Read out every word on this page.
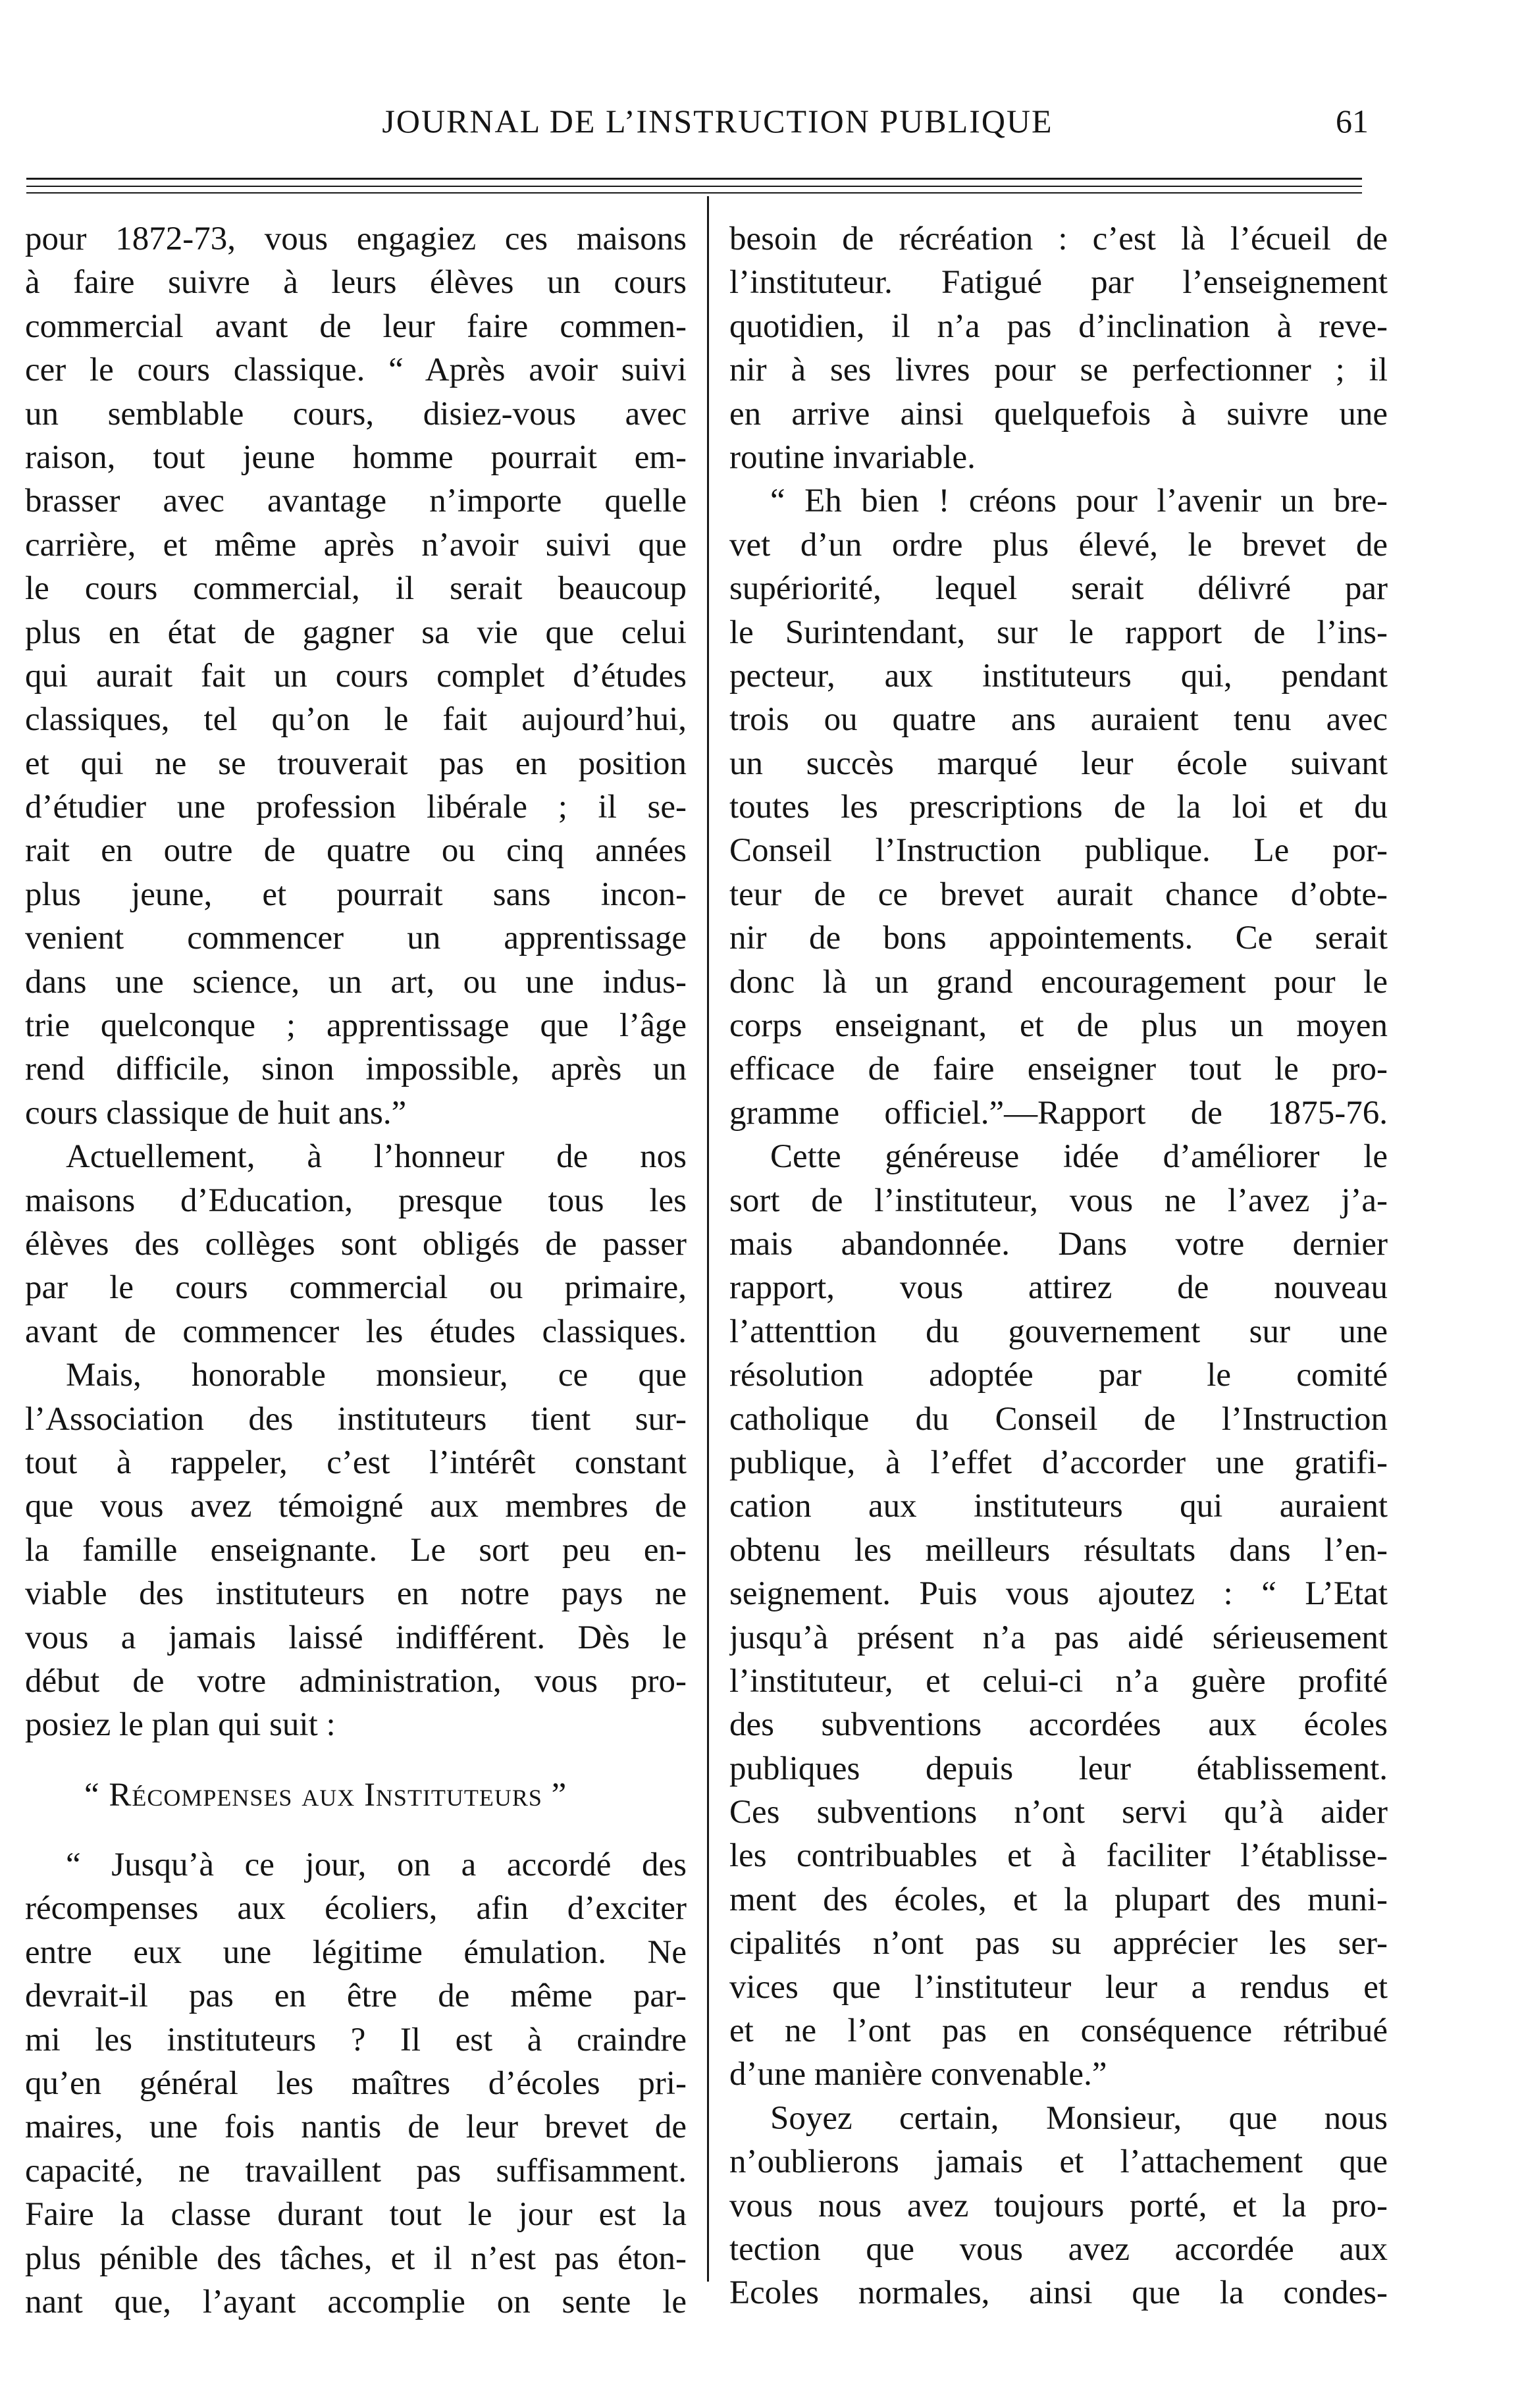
JOURNAL DE L’INSTRUCTION PUBLIQUE	61
pour 1872-73, vous engagiez ces maisons
à faire suivre à leurs élèves un cours
commercial avant de leur faire commen-
cer le cours classique. “ Après avoir suivi
un semblable cours, disiez-vous avec
raison, tout jeune homme pourrait em-
brasser avec avantage n’importe quelle
carrière, et même après n’avoir suivi que
le cours commercial, il serait beaucoup
plus en état de gagner sa vie que celui
qui aurait fait un cours complet d’études
classiques, tel qu’on le fait aujourd’hui,
et qui ne se trouverait pas en position
d’étudier une profession libérale ; il se-
rait en outre de quatre ou cinq années
plus jeune, et pourrait sans incon-
venient commencer un apprentissage
dans une science, un art, ou une indus-
trie quelconque ; apprentissage que l’âge
rend difficile, sinon impossible, après un
cours classique de huit ans.”
Actuellement, à l’honneur de nos
maisons d’Education, presque tous les
élèves des collèges sont obligés de passer
par le cours commercial ou primaire,
avant de commencer les études classiques.
Mais, honorable monsieur, ce que
l’Association des instituteurs tient sur-
tout à rappeler, c’est l’intérêt constant
que vous avez témoigné aux membres de
la famille enseignante. Le sort peu en-
viable des instituteurs en notre pays ne
vous a jamais laissé indifférent. Dès le
début de votre administration, vous pro-
posiez le plan qui suit :
“ Récompenses aux Instituteurs ”
“ Jusqu’à ce jour, on a accordé des
récompenses aux écoliers, afin d’exciter
entre eux une légitime émulation. Ne
devrait-il pas en être de même par-
mi les instituteurs ? Il est à craindre
qu’en général les maîtres d’écoles pri-
maires, une fois nantis de leur brevet de
capacité, ne travaillent pas suffisamment.
Faire la classe durant tout le jour est la
plus pénible des tâches, et il n’est pas éton-
nant que, l’ayant accomplie on sente le
besoin de récréation : c’est là l’écueil de
l’instituteur. Fatigué par l’enseignement
quotidien, il n’a pas d’inclination à reve-
nir à ses livres pour se perfectionner ; il
en arrive ainsi quelquefois à suivre une
routine invariable.
“ Eh bien ! créons pour l’avenir un bre-
vet d’un ordre plus élevé, le brevet de
supériorité, lequel serait délivré par
le Surintendant, sur le rapport de l’ins-
pecteur, aux instituteurs qui, pendant
trois ou quatre ans auraient tenu avec
un succès marqué leur école suivant
toutes les prescriptions de la loi et du
Conseil l’Instruction publique. Le por-
teur de ce brevet aurait chance d’obte-
nir de bons appointements. Ce serait
donc là un grand encouragement pour le
corps enseignant, et de plus un moyen
efficace de faire enseigner tout le pro-
gramme officiel.”—Rapport de 1875-76.
Cette généreuse idée d’améliorer le
sort de l’instituteur, vous ne l’avez j’a-
mais abandonnée. Dans votre dernier
rapport, vous attirez de nouveau
l’attenttion du gouvernement sur une
résolution adoptée par le comité
catholique du Conseil de l’Instruction
publique, à l’effet d’accorder une gratifi-
cation aux instituteurs qui auraient
obtenu les meilleurs résultats dans l’en-
seignement. Puis vous ajoutez : “ L’Etat
jusqu’à présent n’a pas aidé sérieusement
l’instituteur, et celui-ci n’a guère profité
des subventions accordées aux écoles
publiques depuis leur établissement.
Ces subventions n’ont servi qu’à aider
les contribuables et à faciliter l’établisse-
ment des écoles, et la plupart des muni-
cipalités n’ont pas su apprécier les ser-
vices que l’instituteur leur a rendus et
et ne l’ont pas en conséquence rétribué
d’une manière convenable.”
Soyez certain, Monsieur, que nous
n’oublierons jamais et l’attachement que
vous nous avez toujours porté, et la pro-
tection que vous avez accordée aux
Ecoles normales, ainsi que la condes-
